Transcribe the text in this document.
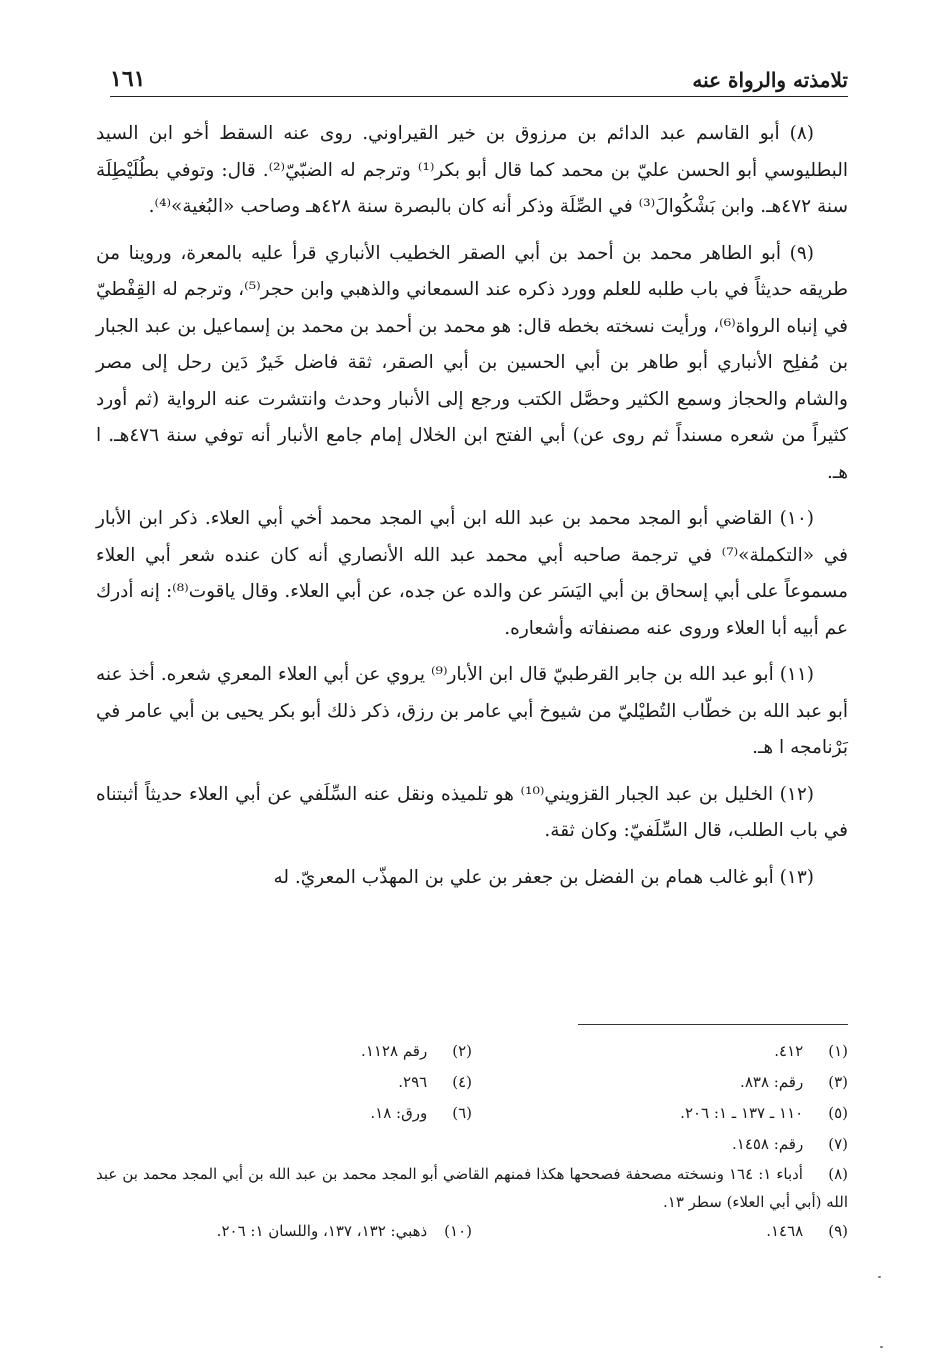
تلامذته والرواة عنه
١٦١

(٨) أبو القاسم عبد الدائم بن مرزوق بن خير القيراوني. روى عنه السقط أخو ابن السيد البطليوسي أبو الحسن عليّ بن محمد كما قال أبو بكر⁽¹⁾ وترجم له الضبّيّ⁽²⁾. قال: وتوفي بطُلَيْطِلَة سنة ٤٧٢هـ. وابن بَشْكُوالَ⁽³⁾ في الصِّلَة وذكر أنه كان بالبصرة سنة ٤٢٨هـ وصاحب «البُغية»⁽⁴⁾.

(٩) أبو الطاهر محمد بن أحمد بن أبي الصقر الخطيب الأنباري قرأ عليه بالمعرة، وروينا من طريقه حديثاً في باب طلبه للعلم وورد ذكره عند السمعاني والذهبي وابن حجر⁽⁵⁾، وترجم له القِفْطيّ في إنباه الرواة⁽⁶⁾، ورأيت نسخته بخطه قال: هو محمد بن أحمد بن محمد بن إسماعيل بن عبد الجبار بن مُفلِح الأنباري أبو طاهر بن أبي الحسين بن أبي الصقر، ثقة فاضل خَيرٌ دَين رحل إلى مصر والشام والحجاز وسمع الكثير وحصَّل الكتب ورجع إلى الأنبار وحدث وانتشرت عنه الرواية (ثم أورد كثيراً من شعره مسنداً ثم روى عن) أبي الفتح ابن الخلال إمام جامع الأنبار أنه توفي سنة ٤٧٦هـ. ا هـ.

(١٠) القاضي أبو المجد محمد بن عبد الله ابن أبي المجد محمد أخي أبي العلاء. ذكر ابن الأبار في «التكملة»⁽⁷⁾ في ترجمة صاحبه أبي محمد عبد الله الأنصاري أنه كان عنده شعر أبي العلاء مسموعاً على أبي إسحاق بن أبي اليَسَر عن والده عن جده، عن أبي العلاء. وقال ياقوت⁽⁸⁾: إنه أدرك عم أبيه أبا العلاء وروى عنه مصنفاته وأشعاره.

(١١) أبو عبد الله بن جابر القرطبيّ قال ابن الأبار⁽⁹⁾ يروي عن أبي العلاء المعري شعره. أخذ عنه أبو عبد الله بن خطّاب التُطيْليّ من شيوخ أبي عامر بن رزق، ذكر ذلك أبو بكر يحيى بن أبي عامر في بَرْنامجه ا هـ.

(١٢) الخليل بن عبد الجبار القزويني⁽¹⁰⁾ هو تلميذه ونقل عنه السِّلَفي عن أبي العلاء حديثاً أثبتناه في باب الطلب، قال السِّلَفيّ: وكان ثقة.

(١٣) أبو غالب همام بن الفضل بن جعفر بن علي بن المهذّب المعريّ. له

(١) ٤١٢.
(٢) رقم ١١٢٨.
(٣) رقم: ٨٣٨.
(٤) ٢٩٦.
(٥) ١١٠ ـ ١٣٧ ـ ١: ٢٠٦.
(٦) ورق: ١٨.
(٧) رقم: ١٤٥٨.
(٨) أدباء ١: ١٦٤ ونسخته مصحفة فصححها هكذا فمنهم القاضي أبو المجد محمد بن عبد الله بن أبي المجد محمد بن عبد الله (أبي أبي العلاء) سطر ١٣.
(٩) ١٤٦٨.
(١٠) ذهبي: ١٣٢، ١٣٧، واللسان ١: ٢٠٦.
